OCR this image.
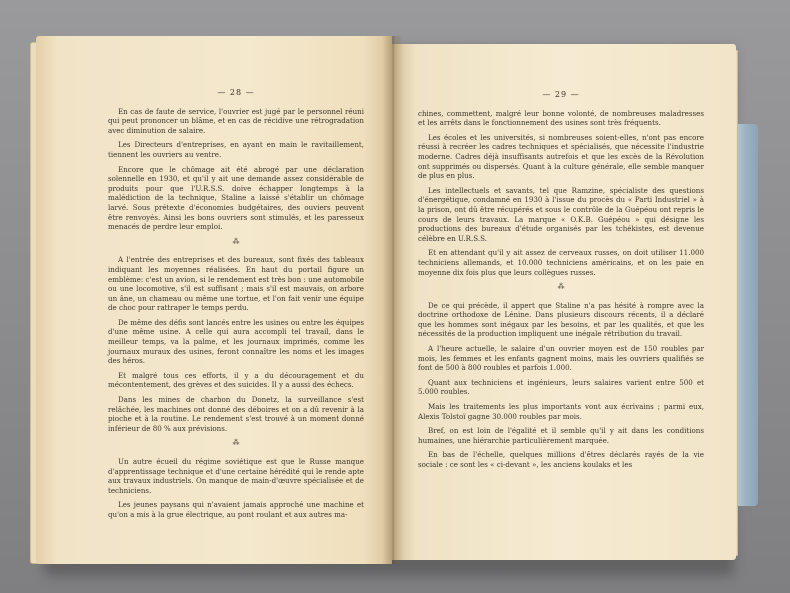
— 28 —

En cas de faute de service, l'ouvrier est jugé par le personnel réuni qui peut prononcer un blâme, et en cas de récidive une rétrogradation avec diminution de salaire.

Les Directeurs d'entreprises, en ayant en main le ravitaillement, tiennent les ouvriers au ventre.

Encore que le chômage ait été abrogé par une déclaration solennelle en 1930, et qu'il y ait une demande assez considérable de produits pour que l'U.R.S.S. doive échapper longtemps à la malédiction de la technique, Staline a laissé s'établir un chômage larvé. Sous prétexte d'économies budgétaires, des ouviers peuvent être renvoyés. Ainsi les bons ouvriers sont stimulés, et les paresseux menacés de perdre leur emploi.

⁂

A l'entrée des entreprises et des bureaux, sont fixés des tableaux indiquant les moyennes réalisées. En haut du portail figure un emblème: c'est un avion, si le rendement est très bon : une automobile ou une locomotive, s'il est suffisant ; mais s'il est mauvais, on arbore un âne, un chameau ou même une tortue, et l'on fait venir une équipe de choc pour rattraper le temps perdu.

De même des défis sont lancés entre les usines ou entre les équipes d'une même usine. A celle qui aura accompli tel travail, dans le meilleur temps, va la palme, et les journaux imprimés, comme les journaux muraux des usines, feront connaître les noms et les images des héros.

Et malgré tous ces efforts, il y a du découragement et du mécontentement, des grèves et des suicides. Il y a aussi des échecs.

Dans les mines de charbon du Donetz, la surveillance s'est relâchée, les machines ont donné des déboires et on a dû revenir à la pioche et à la routine. Le rendement s'est trouvé à un moment donné inférieur de 80 % aux prévisions.

⁂

Un autre écueil du régime soviétique est que le Russe manque d'apprentissage technique et d'une certaine hérédité qui le rende apte aux travaux industriels. On manque de main-d'œuvre spécialisée et de techniciens.

Les jeunes paysans qui n'avaient jamais approché une machine et qu'on a mis à la grue électrique, au pont roulant et aux autres ma-

— 29 —

chines, commettent, malgré leur bonne volonté, de nombreuses maladresses et les arrêts dans le fonctionnement des usines sont très fréquents.

Les écoles et les universités, si nombreuses soient-elles, n'ont pas encore réussi à recréer les cadres techniques et spécialisés, que nécessite l'industrie moderne. Cadres déjà insuffisants autrefois et que les excès de la Révolution ont supprimés ou dispersés. Quant à la culture générale, elle semble manquer de plus en plus.

Les intellectuels et savants, tel que Ramzine, spécialiste des questions d'énergétique, condamné en 1930 à l'issue du procès du « Parti Industriel » à la prison, ont dû être récupérés et sous le contrôle de la Guépéou ont repris le cours de leurs travaux. La marque « O.K.B. Guépéou » qui désigne les productions des bureaux d'étude organisés par les tchékistes, est devenue célèbre en U.R.S.S.

Et en attendant qu'il y ait assez de cerveaux russes, on doit utiliser 11.000 techniciens allemands, et 10.000 techniciens américains, et on les paie en moyenne dix fois plus que leurs collègues russes.

⁂

De ce qui précède, il appert que Staline n'a pas hésité à rompre avec la doctrine orthodoxe de Lénine. Dans plusieurs discours récents, il a déclaré que les hommes sont inégaux par les besoins, et par les qualités, et que les nécessités de la production impliquent une inégale rétribution du travail.

A l'heure actuelle, le salaire d'un ouvrier moyen est de 150 roubles par mois, les femmes et les enfants gagnent moins, mais les ouvriers qualifiés se font de 500 à 800 roubles et parfois 1.000.

Quant aux techniciens et ingénieurs, leurs salaires varient entre 500 et 5.000 roubles.

Mais les traitements les plus importants vont aux écrivains ; parmi eux, Alexis Tolstoï gagne 30.000 roubles par mois.

Bref, on est loin de l'égalité et il semble qu'il y ait dans les conditions humaines, une hiérarchie particulièrement marquée.

En bas de l'échelle, quelques millions d'êtres déclarés rayés de la vie sociale : ce sont les « ci-devant », les anciens koulaks et les
